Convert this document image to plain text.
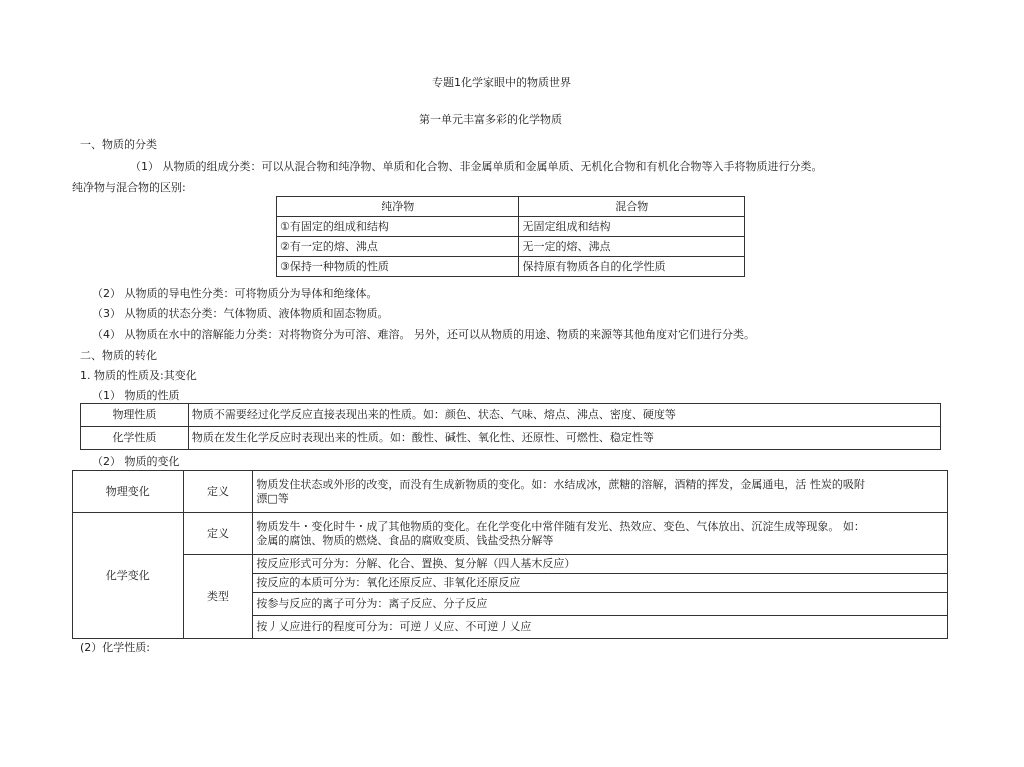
专题1化学家眼中的物质世界
第一单元丰富多彩的化学物质
一、物质的分类
（1） 从物质的组成分类：可以从混合物和纯净物、单质和化合物、非金属单质和金属单质、无机化合物和有机化合物等入手将物质进行分类。
纯净物与混合物的区别:
纯净物	混合物
①有固定的组成和结构	无固定组成和结构
②有一定的熔、沸点	无一定的熔、沸点
③保持一种物质的性质	保持原有物质各自的化学性质
（2） 从物质的导电性分类：可将物质分为导体和绝缘体。
（3） 从物质的状态分类：气体物质、液体物质和固态物质。
（4） 从物质在水中的溶解能力分类：对将物资分为可溶、难溶。 另外，还可以从物质的用途、物质的来源等其他角度对它们进行分类。
二、物质的转化
1. 物质的性质及:其变化
（1） 物质的性质
物理性质	物质不需要经过化学反应直接表现出来的性质。如：颜色、状态、气味、熔点、沸点、密度、硬度等
化学性质	物质在发生化学反应时表现出来的性质。如：酸性、碱性、氧化性、还原性、可燃性、稳定性等
（2） 物质的变化
物理变化	定义	物质发住状态或外形的改变，而没有生成新物质的变化。如：水结成冰，蔗糖的溶解，酒精的挥发，金属通电，活 性炭的吸附
漂□等

化学变化	定义	物质发牛・变化时牛・成了其他物质的变化。在化学变化中常伴随有发光、热效应、变色、气体放出、沉淀生成等现象。 如：
金属的腐蚀、物质的燃烧、食品的腐败变质、钱盐受热分解等

	类型	按反应形式可分为：分解、化合、置换、复分解（四人基木反应）
		按反应的本质可分为：氧化还原反应、非氧化还原反应
		按参与反应的离子可分为：离子反应、分子反应
		按丿乂应进行的程度可分为：可逆丿乂应、不可逆丿乂应
(2）化学性质:
